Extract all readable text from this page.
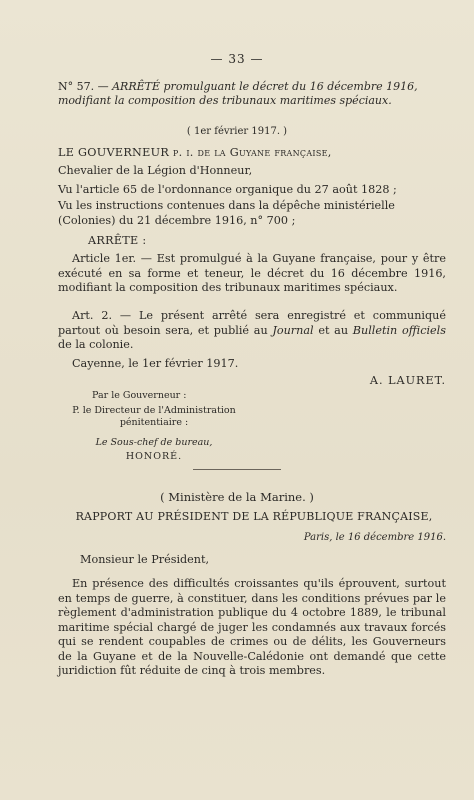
— 33 —
N° 57. — ARRÊTÉ promulguant le décret du 16 décembre 1916, modifiant la composition des tribunaux maritimes spéciaux.
( 1er février 1917. )
LE GOUVERNEUR p. i. de la Guyane française,
Chevalier de la Légion d'Honneur,
Vu l'article 65 de l'ordonnance organique du 27 août 1828 ;
Vu les instructions contenues dans la dépêche ministérielle (Colonies) du 21 décembre 1916, n° 700 ;
ARRÊTE :
Article 1er. — Est promulgué à la Guyane française, pour y être exécuté en sa forme et teneur, le décret du 16 décembre 1916, modifiant la composition des tribunaux maritimes spéciaux.
Art. 2. — Le présent arrêté sera enregistré et communiqué partout où besoin sera, et publié au Journal et au Bulletin officiels de la colonie.
Cayenne, le 1er février 1917.
A. LAURET.
Par le Gouverneur :
P. le Directeur de l'Administration pénitentiaire :
Le Sous-chef de bureau,
HONORÉ.
( Ministère de la Marine. )
RAPPORT AU PRÉSIDENT DE LA RÉPUBLIQUE FRANÇAISE,
Paris, le 16 décembre 1916.
Monsieur le Président,
En présence des difficultés croissantes qu'ils éprouvent, surtout en temps de guerre, à constituer, dans les conditions prévues par le règlement d'administration publique du 4 octobre 1889, le tribunal maritime spécial chargé de juger les condamnés aux travaux forcés qui se rendent coupables de crimes ou de délits, les Gouverneurs de la Guyane et de la Nouvelle-Calédonie ont demandé que cette juridiction fût réduite de cinq à trois membres.
